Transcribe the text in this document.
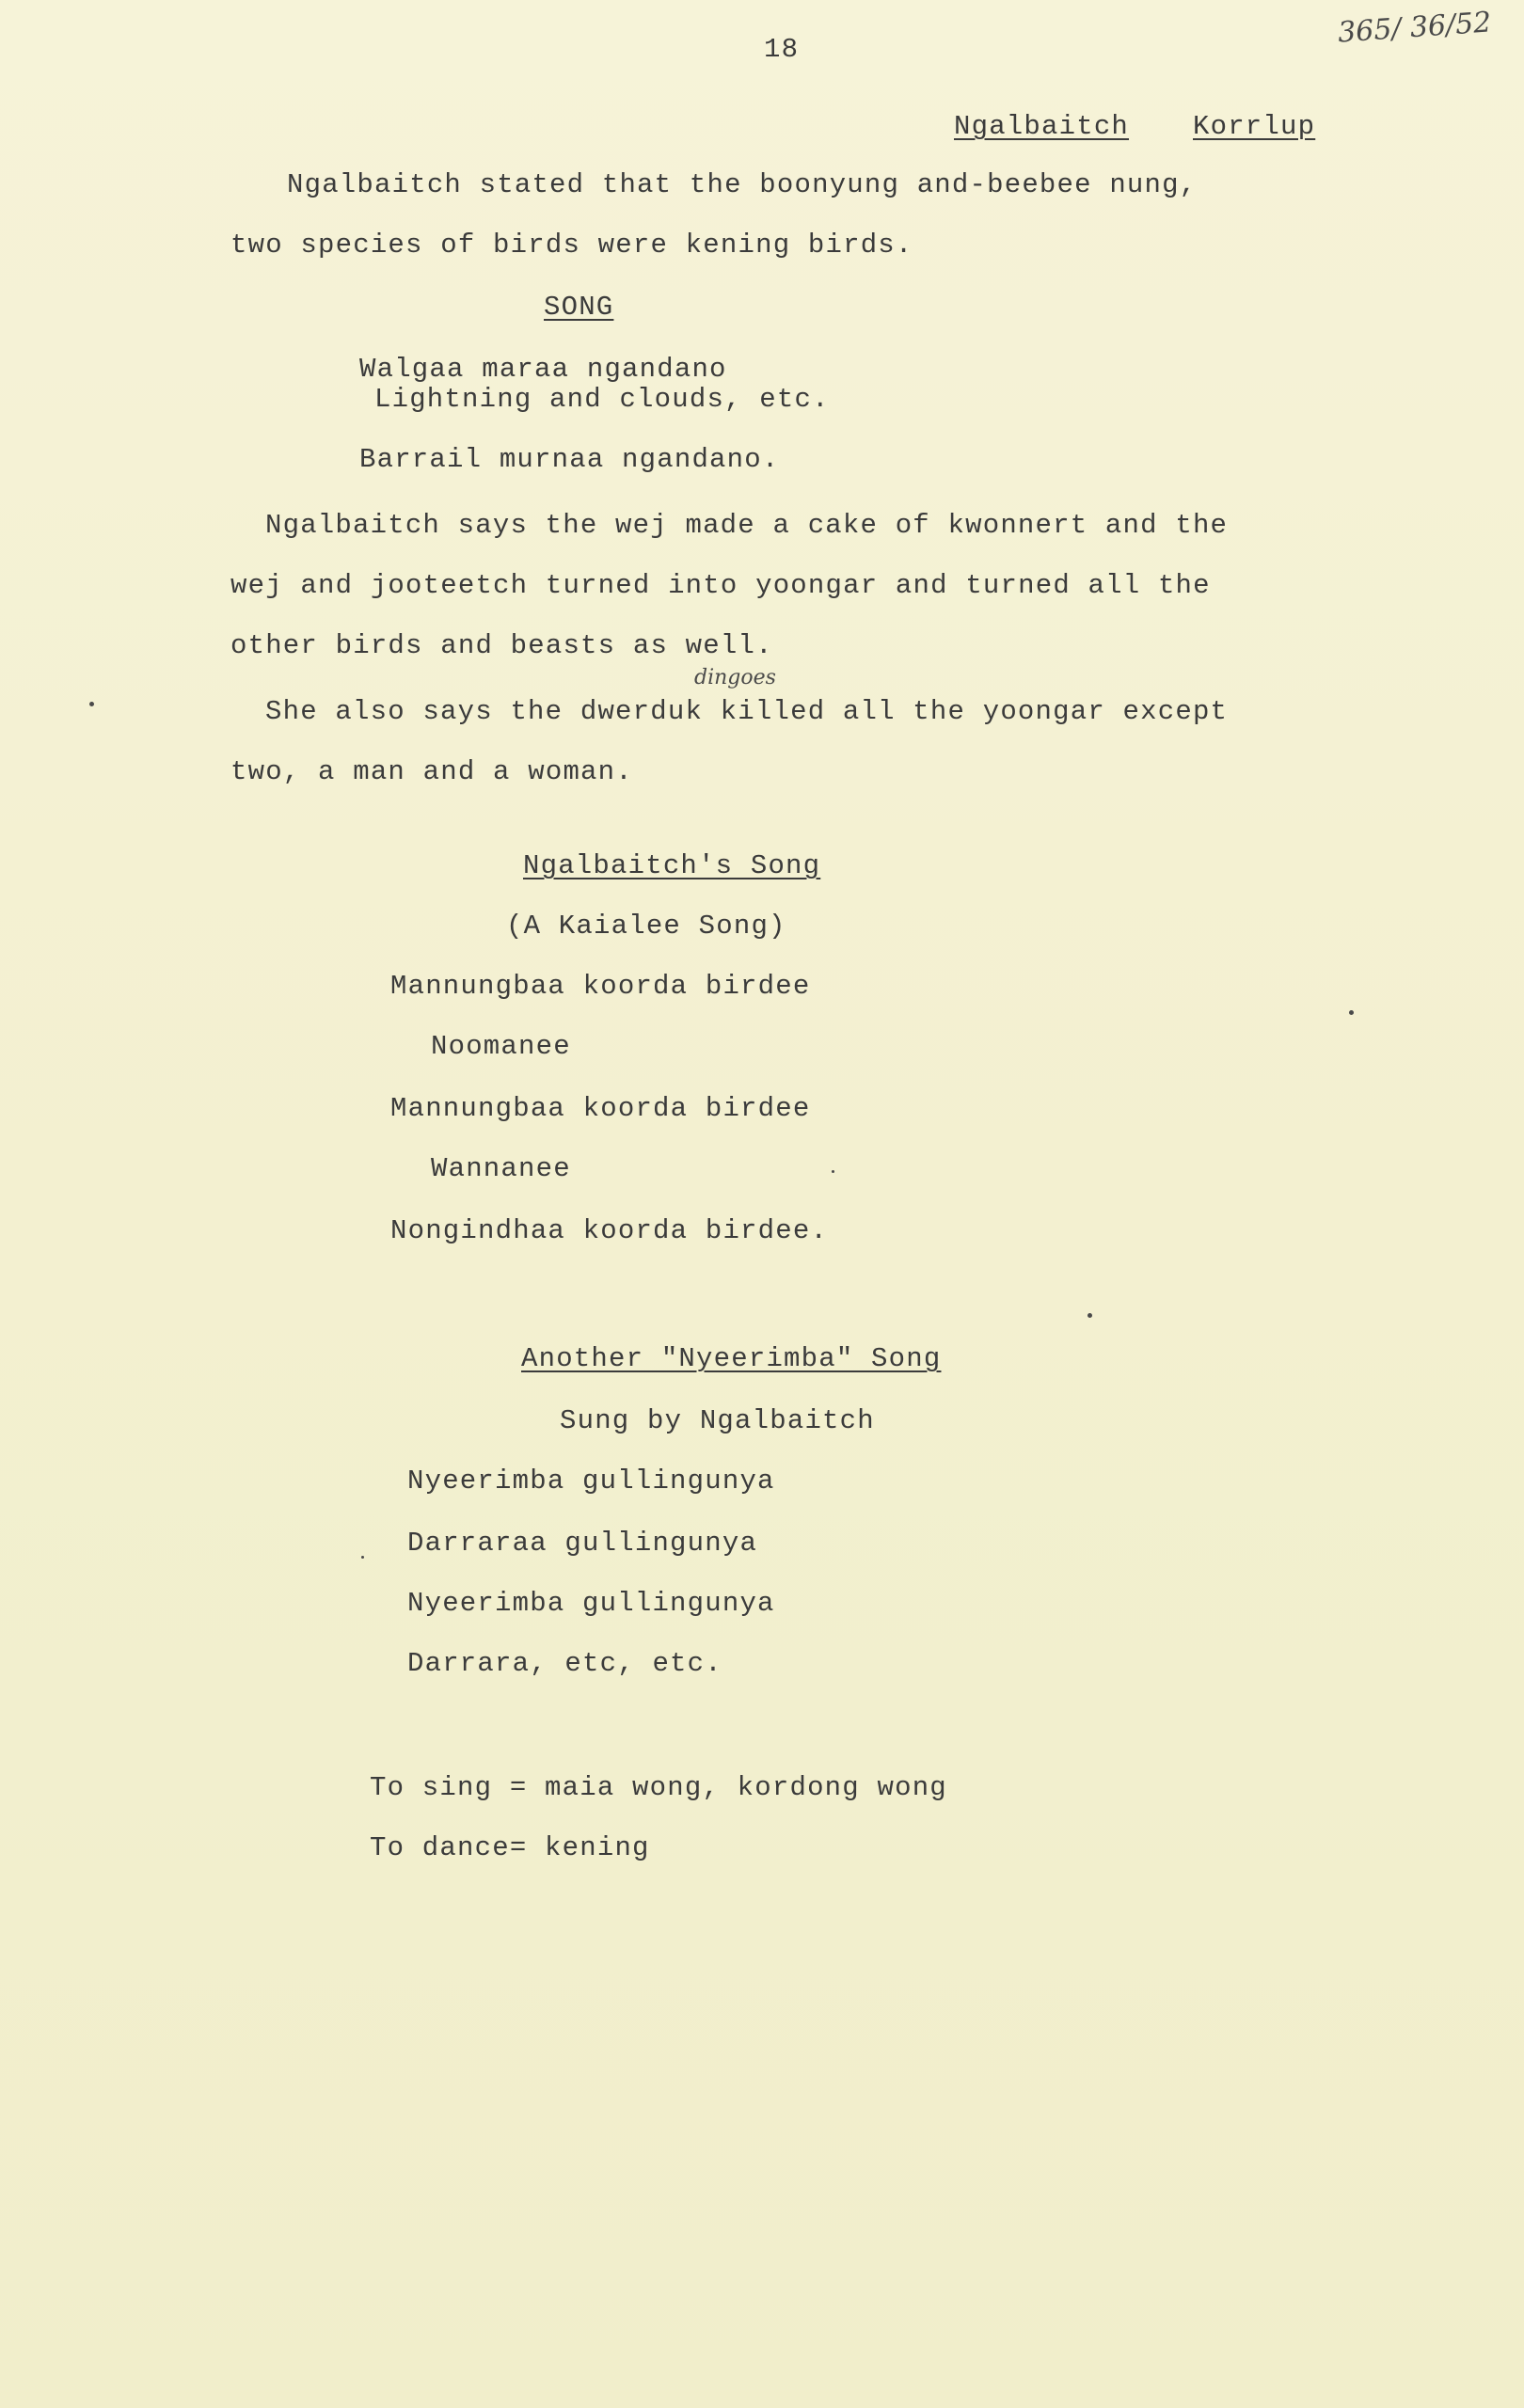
18	365/ 36/52
Ngalbaitch Korrlup
Ngalbaitch stated that the boonyung and-beebee nung,
two species of birds were kening birds.
SONG
Walgaa maraa ngandano
Lightning and clouds, etc.
Barrail murnaa ngandano.
Ngalbaitch says the wej made a cake of kwonnert and the
wej and jooteetch turned into yoongar and turned all the
other birds and beasts as well.
dingoes
She also says the dwerduk killed all the yoongar except
two, a man and a woman.
Ngalbaitch's Song
(A Kaialee Song)
Mannungbaa koorda birdee
Noomanee
Mannungbaa koorda birdee
Wannanee
Nongindhaa koorda birdee.
Another "Nyeerimba" Song
Sung by Ngalbaitch
Nyeerimba gullingunya
Darraraa gullingunya
Nyeerimba gullingunya
Darrara, etc, etc.
To sing = maia wong, kordong wong
To dance= kening
